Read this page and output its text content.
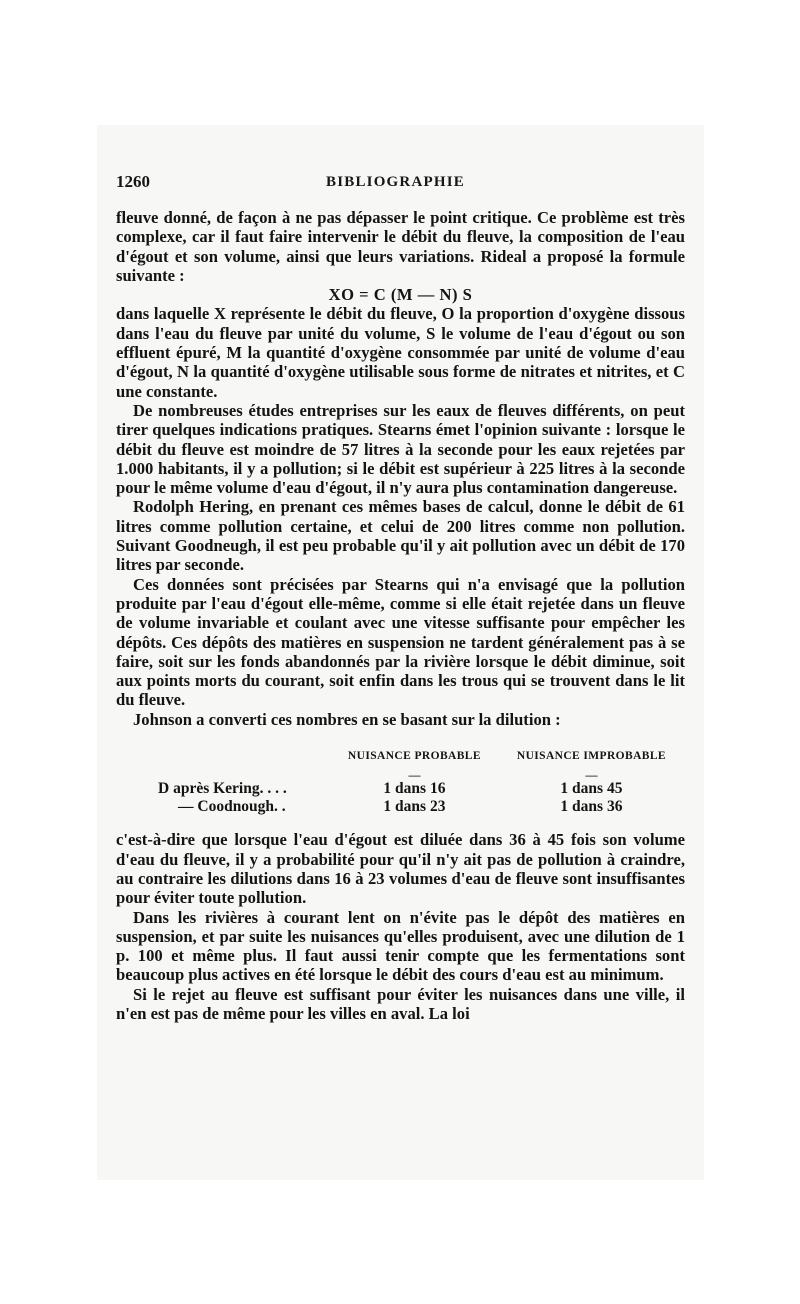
1260	BIBLIOGRAPHIE

fleuve donné, de façon à ne pas dépasser le point critique. Ce problème est très complexe, car il faut faire intervenir le débit du fleuve, la composition de l'eau d'égout et son volume, ainsi que leurs variations. Rideal a proposé la formule suivante :

XO = C (M — N) S

dans laquelle X représente le débit du fleuve, O la proportion d'oxygène dissous dans l'eau du fleuve par unité du volume, S le volume de l'eau d'égout ou son effluent épuré, M la quantité d'oxygène consommée par unité de volume d'eau d'égout, N la quantité d'oxygène utilisable sous forme de nitrates et nitrites, et C une constante.

De nombreuses études entreprises sur les eaux de fleuves différents, on peut tirer quelques indications pratiques. Stearns émet l'opinion suivante : lorsque le débit du fleuve est moindre de 57 litres à la seconde pour les eaux rejetées par 1.000 habitants, il y a pollution; si le débit est supérieur à 225 litres à la seconde pour le même volume d'eau d'égout, il n'y aura plus contamination dangereuse.

Rodolph Hering, en prenant ces mêmes bases de calcul, donne le débit de 61 litres comme pollution certaine, et celui de 200 litres comme non pollution. Suivant Goodneugh, il est peu probable qu'il y ait pollution avec un débit de 170 litres par seconde.

Ces données sont précisées par Stearns qui n'a envisagé que la pollution produite par l'eau d'égout elle-même, comme si elle était rejetée dans un fleuve de volume invariable et coulant avec une vitesse suffisante pour empêcher les dépôts. Ces dépôts des matières en suspension ne tardent généralement pas à se faire, soit sur les fonds abandonnés par la rivière lorsque le débit diminue, soit aux points morts du courant, soit enfin dans les trous qui se trouvent dans le lit du fleuve.

Johnson a converti ces nombres en se basant sur la dilution :

	NUISANCE PROBABLE	NUISANCE IMPROBABLE
	—	—
D après Kering. . . .	1 dans 16	1 dans 45
— Coodnough. .	1 dans 23	1 dans 36

c'est-à-dire que lorsque l'eau d'égout est diluée dans 36 à 45 fois son volume d'eau du fleuve, il y a probabilité pour qu'il n'y ait pas de pollution à craindre, au contraire les dilutions dans 16 à 23 volumes d'eau de fleuve sont insuffisantes pour éviter toute pollution.

Dans les rivières à courant lent on n'évite pas le dépôt des matières en suspension, et par suite les nuisances qu'elles produisent, avec une dilution de 1 p. 100 et même plus. Il faut aussi tenir compte que les fermentations sont beaucoup plus actives en été lorsque le débit des cours d'eau est au minimum.

Si le rejet au fleuve est suffisant pour éviter les nuisances dans une ville, il n'en est pas de même pour les villes en aval. La loi
